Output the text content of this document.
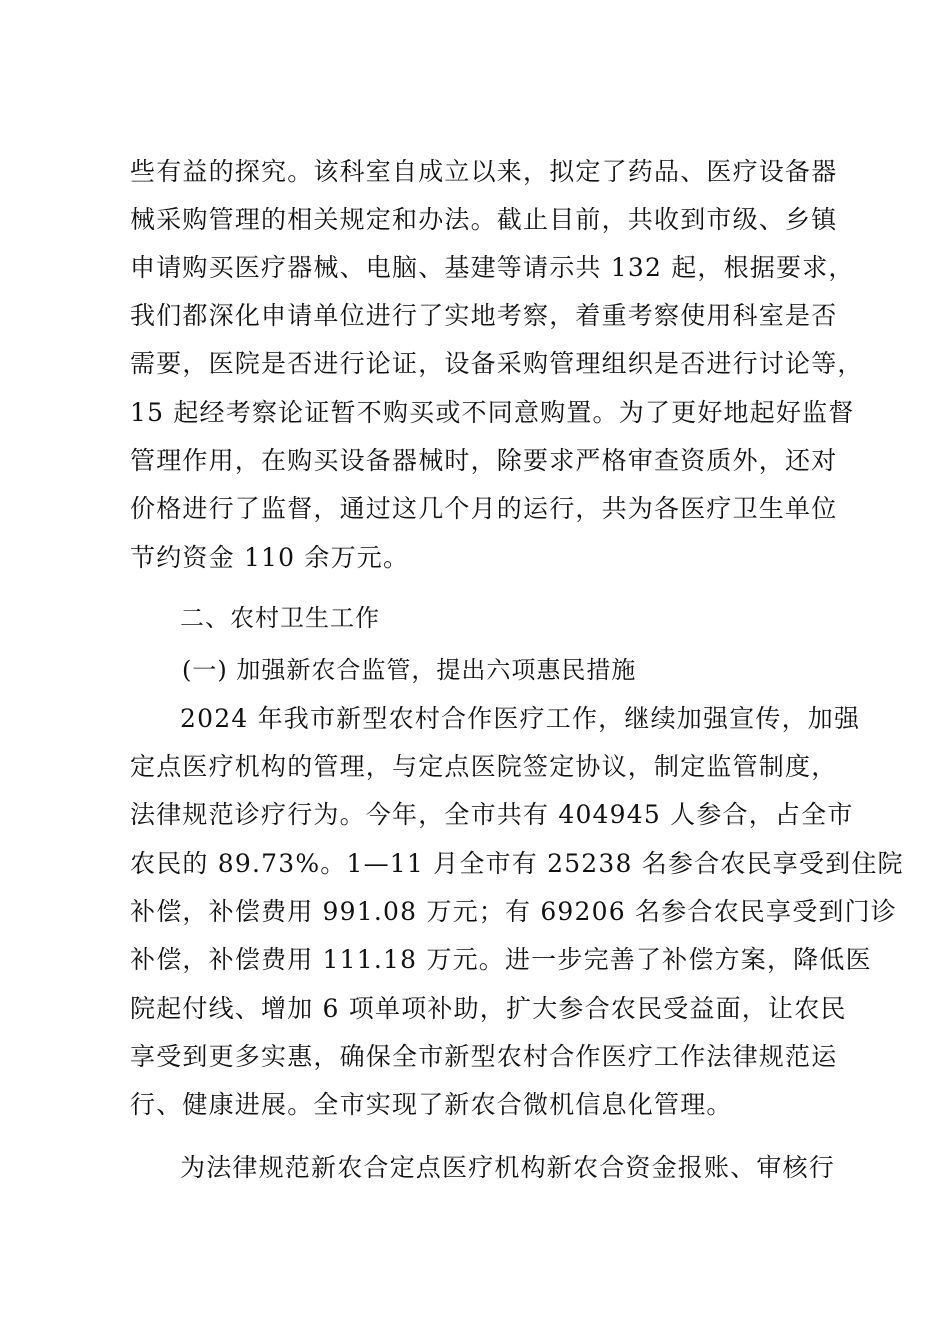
些有益的探究。该科室自成立以来，拟定了药品、医疗设备器
械采购管理的相关规定和办法。截止目前，共收到市级、乡镇
申请购买医疗器械、电脑、基建等请示共 132 起，根据要求，
我们都深化申请单位进行了实地考察，着重考察使用科室是否
需要，医院是否进行论证，设备采购管理组织是否进行讨论等，
15 起经考察论证暂不购买或不同意购置。为了更好地起好监督
管理作用，在购买设备器械时，除要求严格审查资质外，还对
价格进行了监督，通过这几个月的运行，共为各医疗卫生单位
节约资金 110 余万元。
二、农村卫生工作
(一) 加强新农合监管，提出六项惠民措施
2024 年我市新型农村合作医疗工作，继续加强宣传，加强
定点医疗机构的管理，与定点医院签定协议，制定监管制度，
法律规范诊疗行为。今年，全市共有 404945 人参合，占全市
农民的 89.73%。1—11 月全市有 25238 名参合农民享受到住院
补偿，补偿费用 991.08 万元；有 69206 名参合农民享受到门诊
补偿，补偿费用 111.18 万元。进一步完善了补偿方案，降低医
院起付线、增加 6 项单项补助，扩大参合农民受益面，让农民
享受到更多实惠，确保全市新型农村合作医疗工作法律规范运
行、健康进展。全市实现了新农合微机信息化管理。
为法律规范新农合定点医疗机构新农合资金报账、审核行
